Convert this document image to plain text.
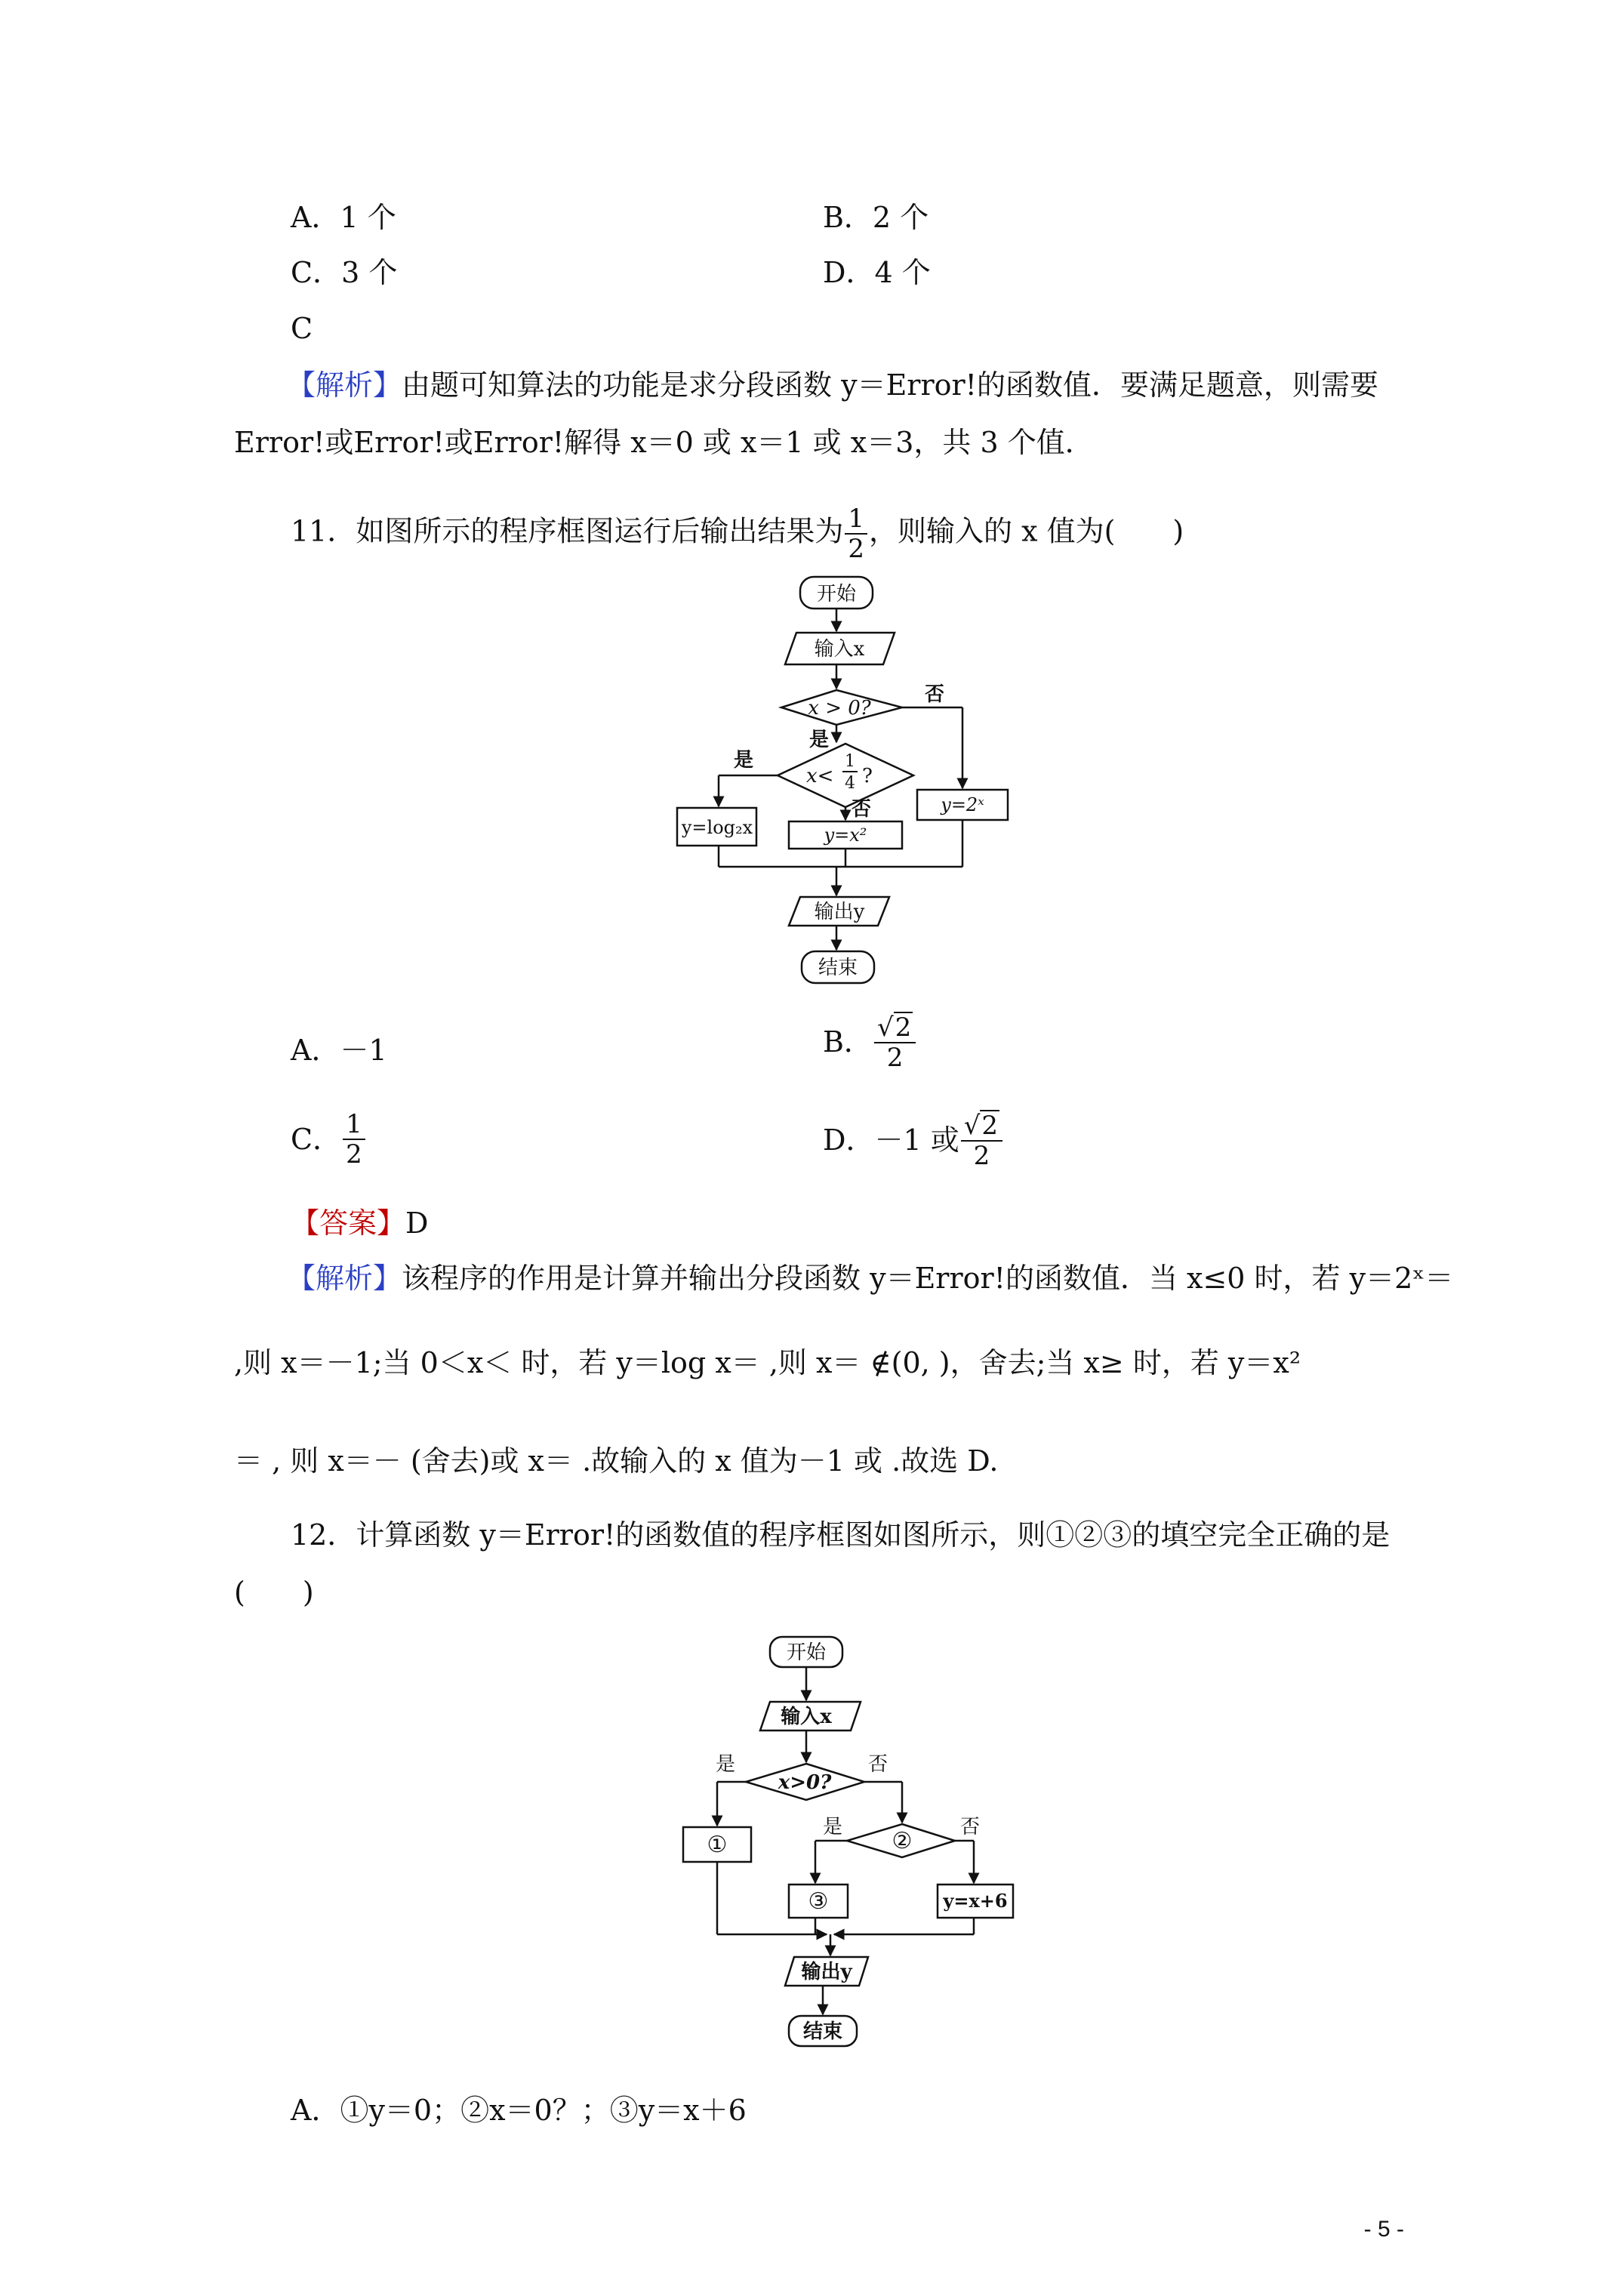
A．1 个	B．2 个
C．3 个	D．4 个
C
【解析】由题可知算法的功能是求分段函数 y＝Error!的函数值．要满足题意，则需要
Error!或Error!或Error!解得 x＝0 或 x＝1 或 x＝3，共 3 个值．
11．如图所示的程序框图运行后输出结果为 $\frac{1}{2}$ ，则输入的 x 值为(　　)
开始
输入x
x > 0?
x<
1
4 ?
否
是
是
否
y=log₂x	y=x²
y=2ˣ
输出y
结束
A．－1	B． $\frac{√2}{2}$
C． $\frac{1}{2}$	D．－1 或 $\frac{√2}{2}$
【答案】D
【解析】该程序的作用是计算并输出分段函数 y＝Error!的函数值．当 x≤0 时，若 y＝2ˣ＝
,则 x＝－1;当 0＜x＜ 时，若 y＝log x＝ ,则 x＝ ∉(0, )，舍去;当 x≥ 时，若 y＝x²
＝ , 则 x＝－ (舍去)或 x＝ .故输入的 x 值为－1 或 .故选 D.
12．计算函数 y＝Error!的函数值的程序框图如图所示，则①②③的填空完全正确的是
(　　)
开始
输入x
x>0?
是	否
①	②
是	否
③	y=x+6
输出y
结束
A．①y＝0；②x＝0？；③y＝x＋6
- 5 -
